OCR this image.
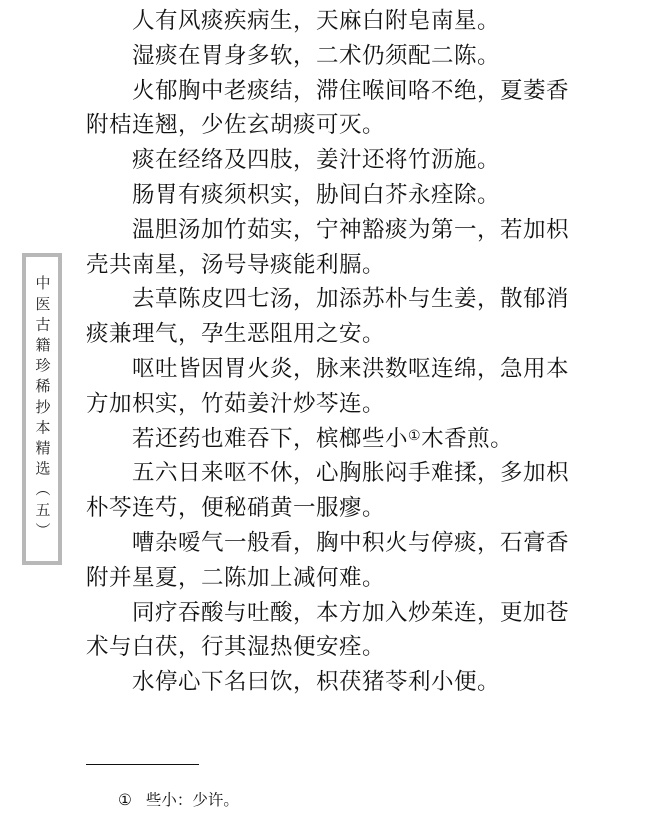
中医古籍珍稀抄本精选（五）

人有风痰疾病生，天麻白附皂南星。

湿痰在胃身多软，二术仍须配二陈。

火郁胸中老痰结，滞住喉间咯不绝，夏萎香附桔连翘，少佐玄胡痰可灭。

痰在经络及四肢，姜汁还将竹沥施。

肠胃有痰须枳实，胁间白芥永痊除。

温胆汤加竹茹实，宁神豁痰为第一，若加枳壳共南星，汤号导痰能利膈。

去草陈皮四七汤，加添苏朴与生姜，散郁消痰兼理气，孕生恶阻用之安。

呕吐皆因胃火炎，脉来洪数呕连绵，急用本方加枳实，竹茹姜汁炒芩连。

若还药也难吞下，槟榔些小①木香煎。

五六日来呕不休，心胸胀闷手难揉，多加枳朴芩连芍，便秘硝黄一服瘳。

嘈杂嗳气一般看，胸中积火与停痰，石膏香附并星夏，二陈加上减何难。

同疗吞酸与吐酸，本方加入炒茱连，更加苍术与白茯，行其湿热便安痊。

水停心下名曰饮，枳茯猪苓利小便。

① 些小：少许。
